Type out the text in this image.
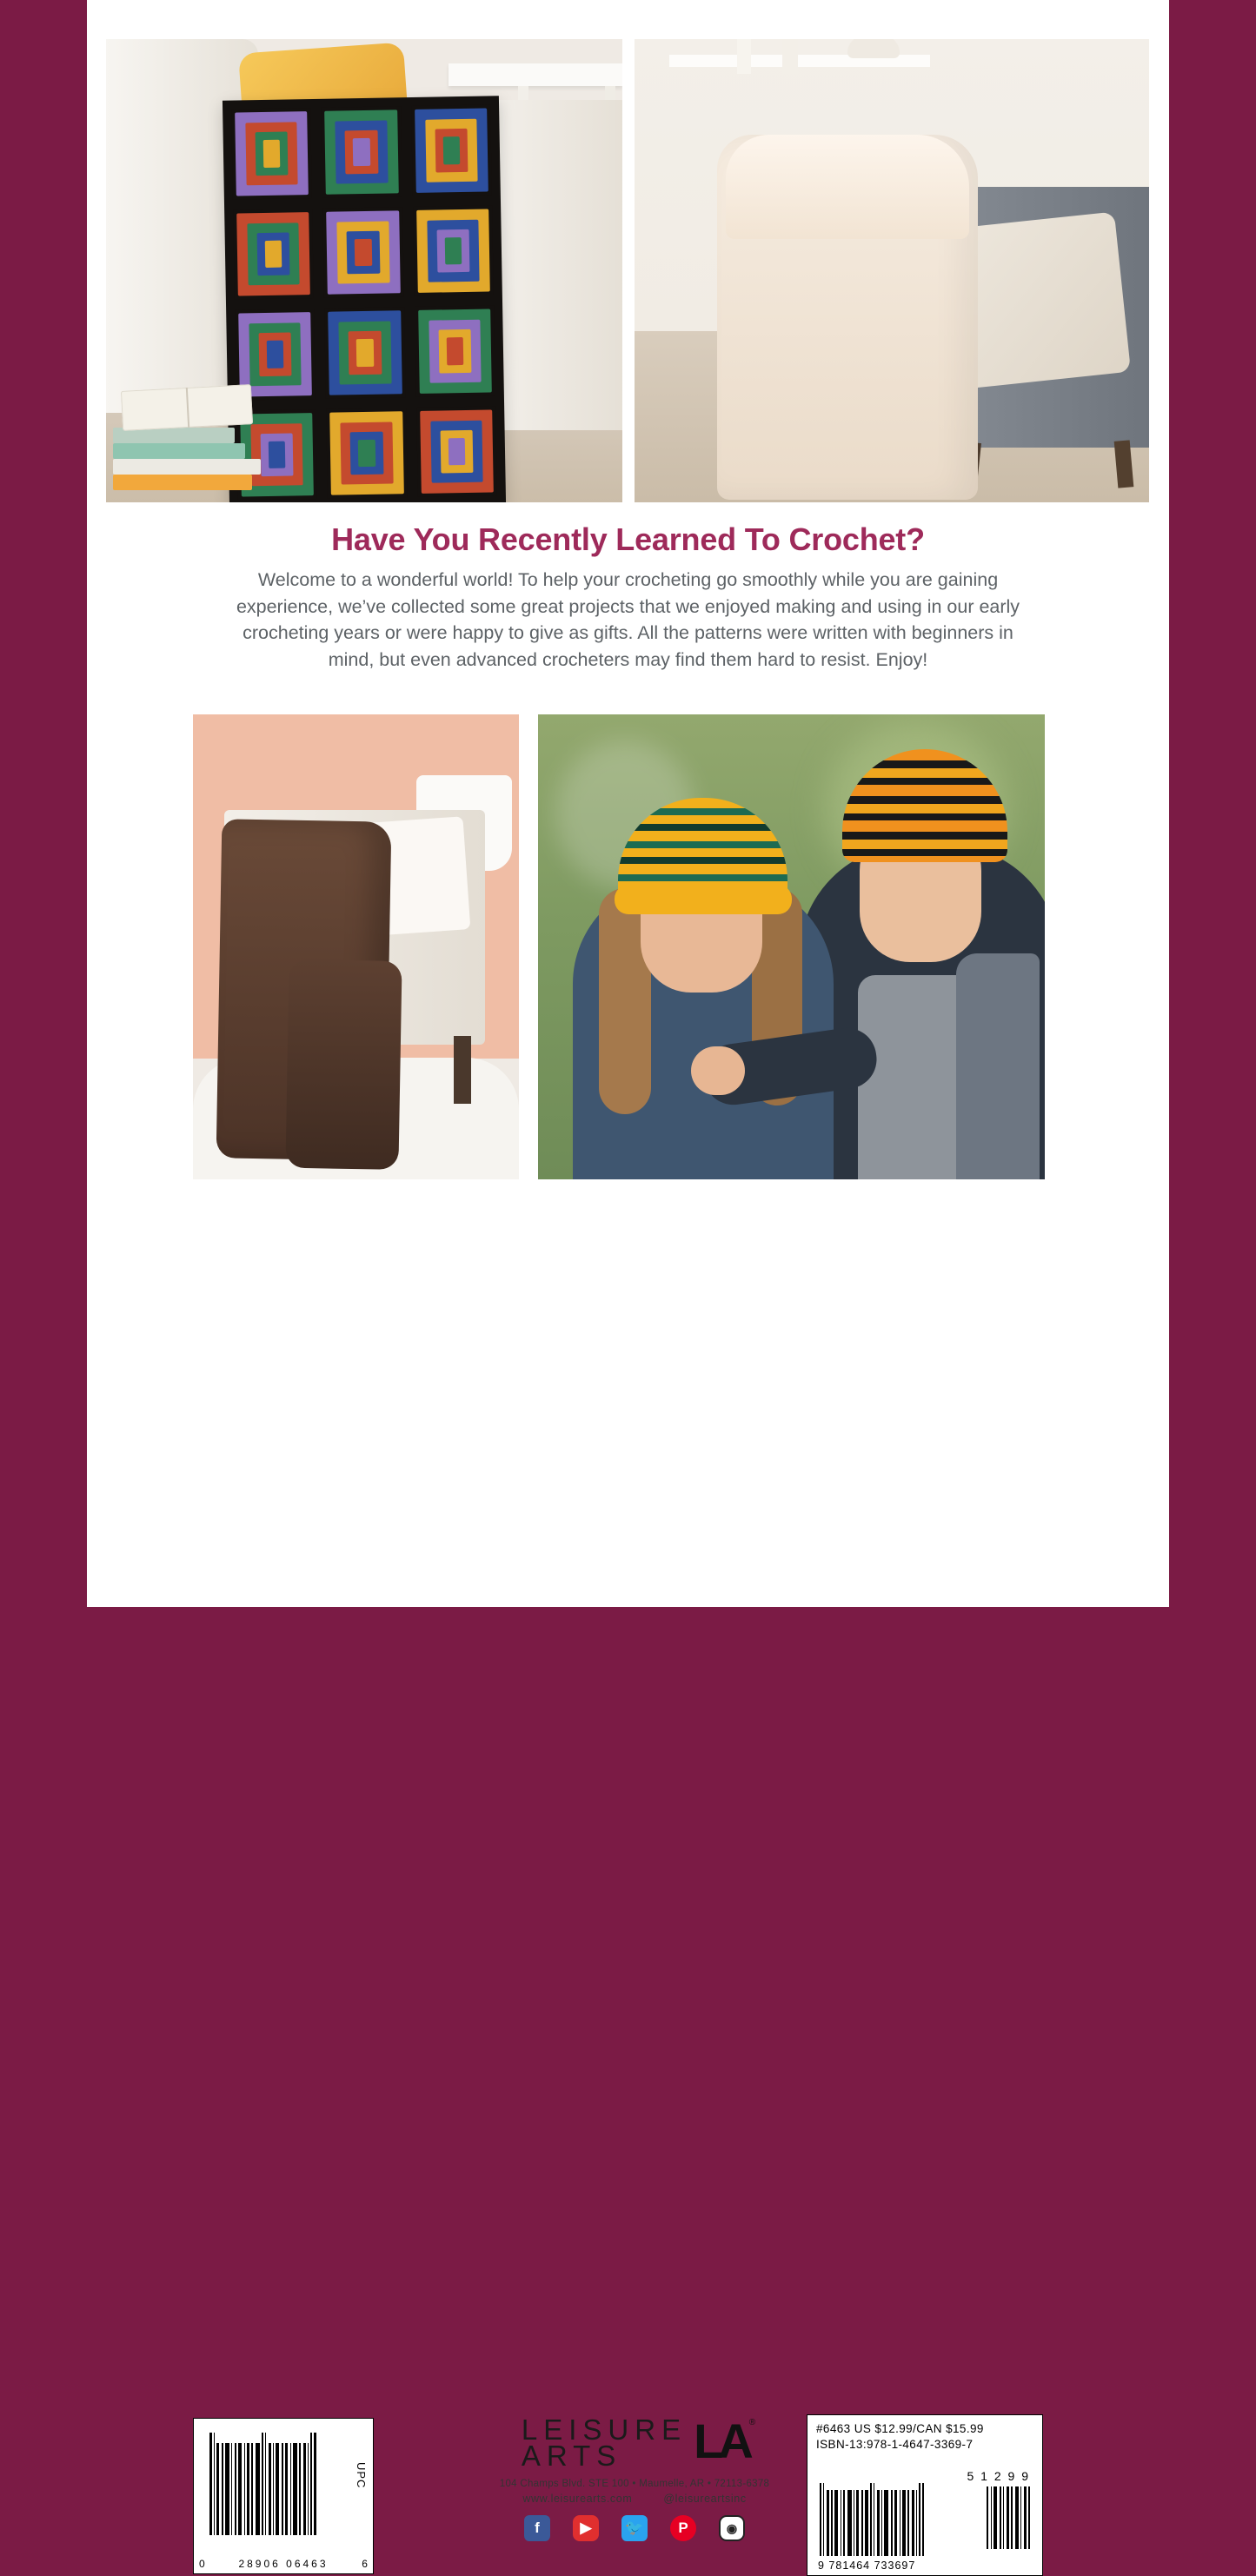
Have You Recently Learned To Crochet?
Welcome to a wonderful world! To help your crocheting go smoothly while you are gaining experience, we’ve collected some great projects that we enjoyed making and using in our early crocheting years or were happy to give as gifts. All the patterns were written with beginners in mind, but even advanced crocheters may find them hard to resist. Enjoy!
UPC
0	28906 06463	6
LEISURE
ARTS	LA ®
104 Champs Blvd. STE 100 • Maumelle, AR • 72113-6378
www.leisurearts.com	@leisureartsinc
f	▶	🐦	P	◉
#6463 US $12.99/CAN $15.99
ISBN-13:978-1-4647-3369-7
5 1 2 9 9
9 781464 733697
